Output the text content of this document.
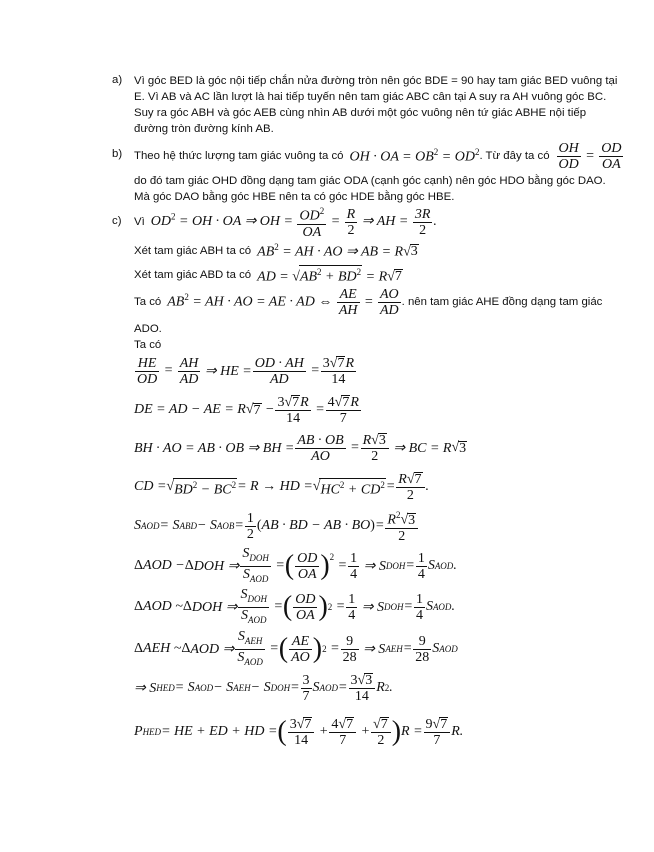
a) Vì góc BED là góc nội tiếp chắn nửa đường tròn nên góc BDE = 90 hay tam giác BED vuông tại
E. Vì AB và AC lần lượt là hai tiếp tuyến nên tam giác ABC cân tại A suy ra AH vuông góc BC.
Suy ra góc ABH và góc AEB cùng nhìn AB dưới một góc vuông nên tứ giác ABHE nội tiếp
đường tròn đường kính AB.
b) Theo hệ thức lượng tam giác vuông ta có OH · OA = $OB^2 = OD^2$ . Từ đây ta có $\frac{OH}{OD} = \frac{OD}{OA}$
do đó tam giác OHD đồng dạng tam giác ODA (cạnh góc cạnh) nên góc HDO bằng góc DAO.
Mà góc DAO bằng góc HBE nên ta có góc HDE bằng góc HBE.
c) Vì $OD^2$ = OH · OA ⇒ OH = $\frac{OD^2}{OA} = \frac{R}{2}$ ⇒ AH = $\frac{3R}{2}$ .
Xét tam giác ABH ta có $AB^2$ = AH · AO ⇒ AB = R√3
Xét tam giác ABD ta có AD = $√AB^2 + BD^2 = R√7$
Ta có $AB^2$ = AH · AO = AE · AD ⇔ $\frac{AE}{AH} = \frac{AO}{AD}$ . nên tam giác AHE đồng dạng tam giác
ADO.
Ta có
$\frac{HE}{OD} = \frac{AH}{AD}$ ⇒ HE = $\frac{OD \cdot AH}{AD} = \frac{3√7R}{14}$
DE = AD − AE = R √ $7 - \frac{3√7R}{14} = \frac{4√7R}{7}$
BH · AO = AB · OB ⇒ BH = $\frac{AB \cdot OB}{AO} = \frac{R√3}{2}$ ⇒ BC = R √ 3
CD = √ $BD^2 - BC^2 = R$ → HD = √ $HC^2 + CD^2 = \frac{R√7}{2}$ .
S AOD = S ABD − S AOB = $\frac{1}{2}$ ( AB · BD − AB · BO ) = $\frac{R^2√3}{2}$
Δ AOD − Δ DOH ⇒ $\frac{S_{DOH}}{S_{AOD}}$ = ( $\frac{OD}{OA} )^2$
= $\frac{1}{4}$ ⇒ S DOH = $\frac{1}{4}$ S AOD .
Δ AOD ~ Δ DOH ⇒ $\frac{S_{DOH}}{S_{AOD}}$ = ( $\frac{OD}{OA}$ ) $2 = \frac{1}{4}$ ⇒ S DOH = $\frac{1}{4}$ S AOD .
Δ AEH ~ Δ AOD ⇒ $\frac{S_{AEH}}{S_{AOD}}$ = ( $\frac{AE}{AO}$ ) $2 = \frac{9}{28}$ ⇒ S AEH = $\frac{9}{28}$ S AOD
⇒ S HED = S AOD − S AEH − S DOH = $\frac{3}{7}$ S AOD = $\frac{3√3}{14}$ R 2 .
P HED = HE + ED + HD = ( $\frac{3√7}{14} + \frac{4√7}{7} + \frac{√7}{2}$ ) $R = \frac{9√7}{7} R$.
